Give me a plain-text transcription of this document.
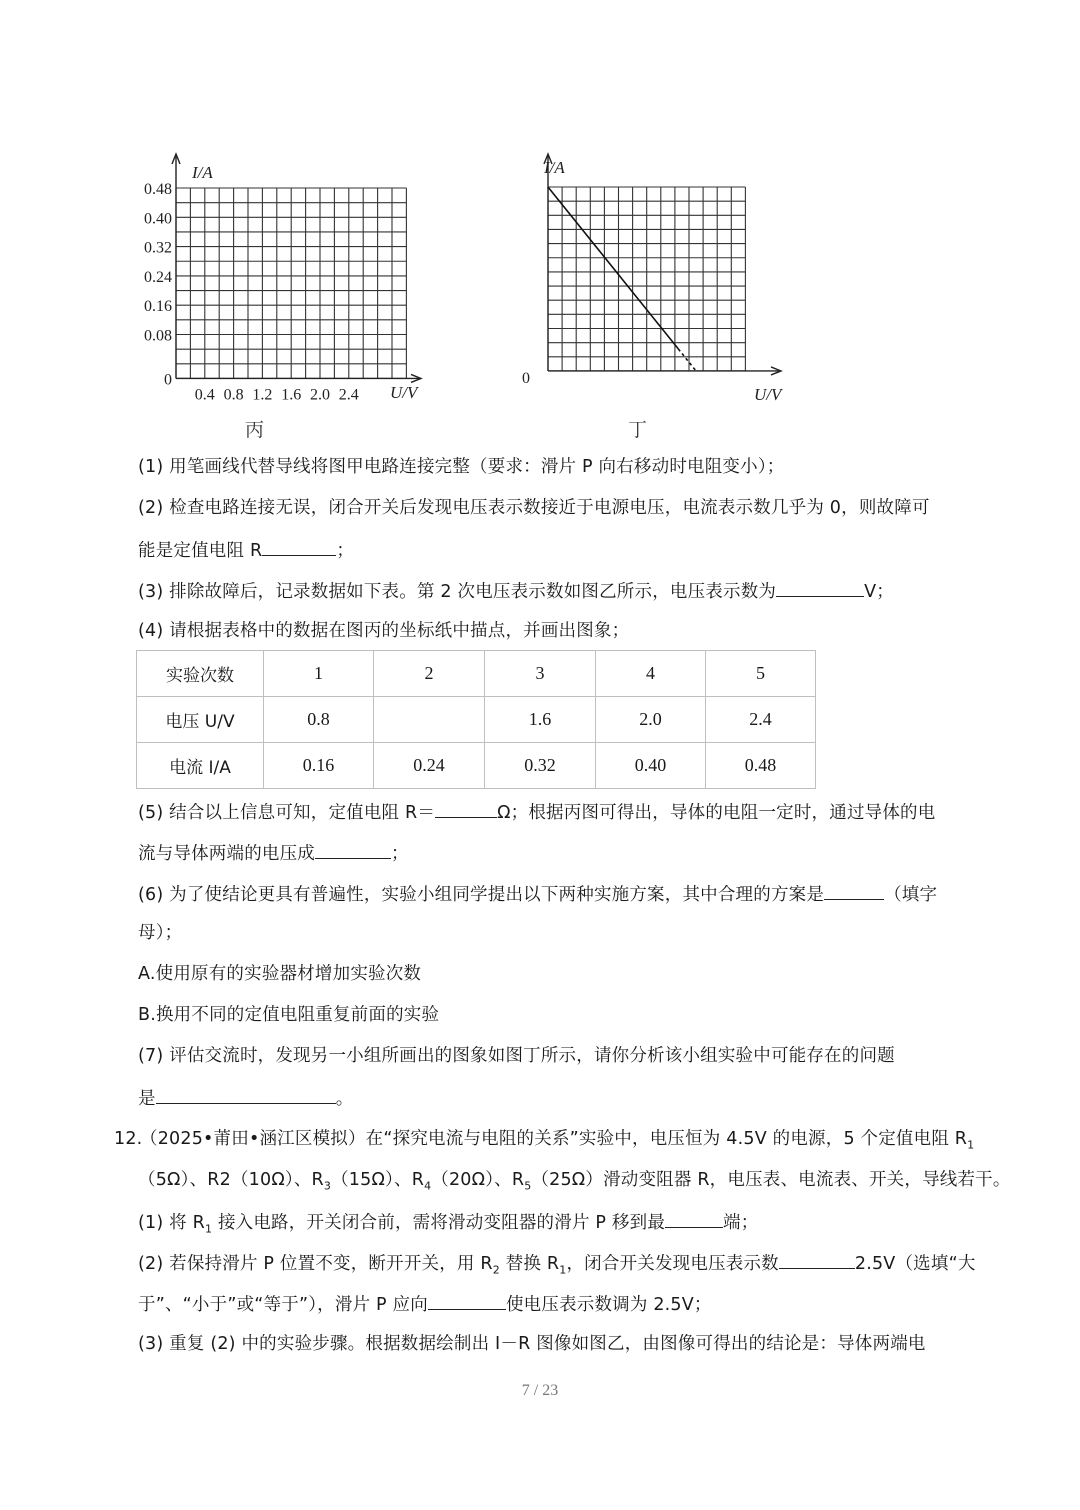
I/A
U/V
0.48
0.40
0.32
0.24
0.16
0.08
0
0.4 0.8 1.2 1.6 2.0 2.4
丙
I/A
U/V
0
丁
(1) 用笔画线代替导线将图甲电路连接完整（要求：滑片 P 向右移动时电阻变小）；
(2) 检查电路连接无误，闭合开关后发现电压表示数接近于电源电压，电流表示数几乎为 0，则故障可
能是定值电阻 R	；
(3) 排除故障后，记录数据如下表。第 2 次电压表示数如图乙所示，电压表示数为	V；
(4) 请根据表格中的数据在图丙的坐标纸中描点，并画出图象；
实验次数	1	2	3	4	5
电压 U/V	0.8		1.6	2.0	2.4
电流 I/A	0.16	0.24	0.32	0.40	0.48
(5) 结合以上信息可知，定值电阻 R＝	Ω；根据丙图可得出，导体的电阻一定时，通过导体的电
流与导体两端的电压成	；
(6) 为了使结论更具有普遍性，实验小组同学提出以下两种实施方案，其中合理的方案是	（填字
母）；
A.使用原有的实验器材增加实验次数
B.换用不同的定值电阻重复前面的实验
(7) 评估交流时，发现另一小组所画出的图象如图丁所示，请你分析该小组实验中可能存在的问题
是	。
12.
（2025•莆田•涵江区模拟）在“探究电流与电阻的关系”实验中，电压恒为 4.5V 的电源，5 个定值电阻 $R_1$
（5Ω）、R2（10Ω）、$R_3(15\Omega)$、$R_4(20\Omega)$、$R_5(25\Omega)$滑动变阻器 R，电压表、电流表、开关，导线若干。
(1) 将 $R_1$ 接入电路，开关闭合前，需将滑动变阻器的滑片 P 移到最	端；
(2) 若保持滑片 P 位置不变，断开开关，用 $R_2$ 替换 $R_1$，闭合开关发现电压表示数	2.5V（选填“大
于”、“小于”或“等于”），滑片 P 应向	使电压表示数调为 2.5V；
(3) 重复 (2) 中的实验步骤。根据数据绘制出 I－R 图像如图乙，由图像可得出的结论是：导体两端电
7 / 23
